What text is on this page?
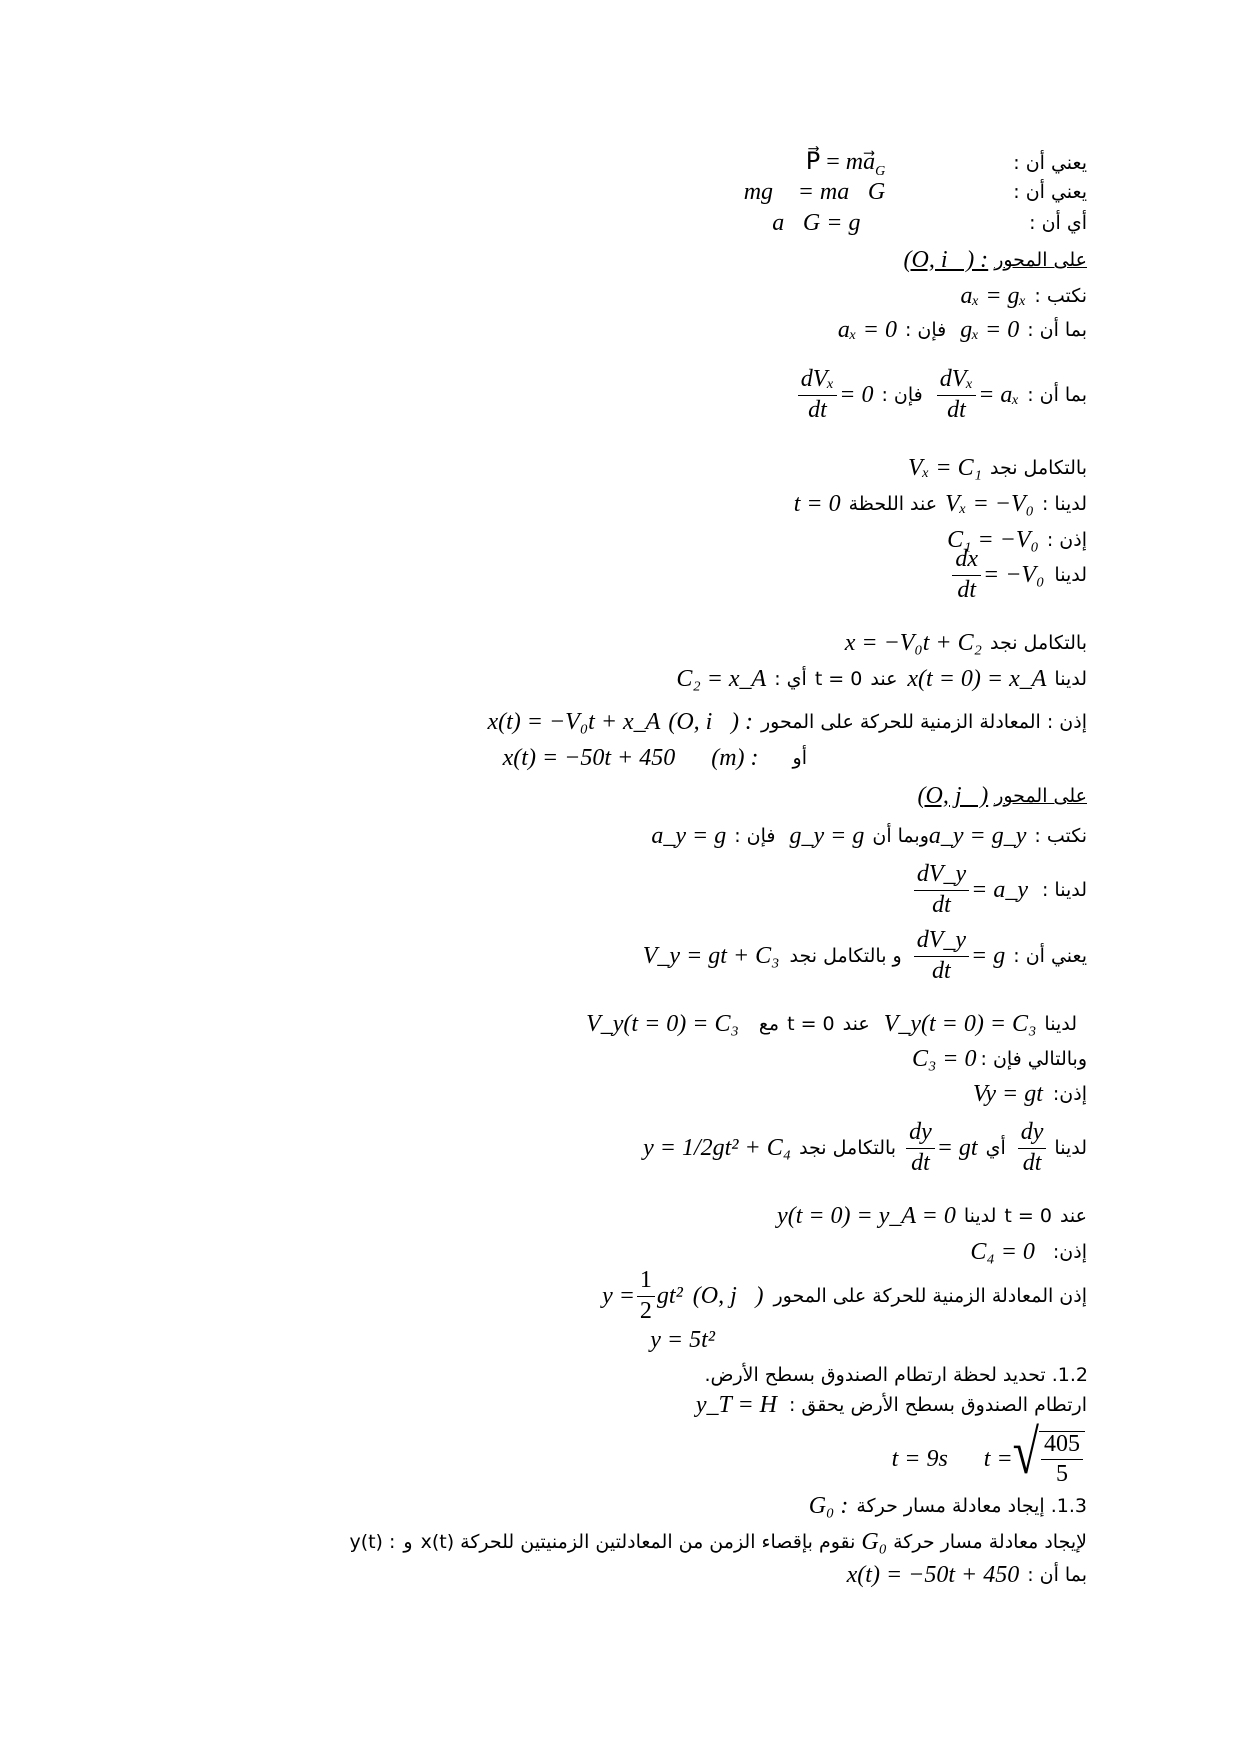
يعني أن :
P⃗ = $ma_G$
يعني أن :
mg⃗ = ma⃗G
أي أن :
a⃗G = g⃗
على المحور
(O, i⃗) :
نكتب :
aₓ = gₓ
بما أن :
gₓ = 0
فإن :
aₓ = 0
بما أن :
= aₓ
$\frac{\text{dVₓ}}{dt}$
فإن :
= 0
$\frac{\text{dVₓ}}{dt}$
بالتكامل نجد
Vₓ = C₁
لدينا :
Vₓ = −V₀
عند اللحظة
t = 0
إذن :
C₁ = −V₀
لدينا
= −V₀
$\frac{dx}{dt}$
بالتكامل نجد
x = −V₀t + C₂
لدينا
x(t = 0) = x_A
عند
t = 0
أي :
C₂ = x_A
إذن : المعادلة الزمنية للحركة على المحور
(O, i⃗) :
x(t) = −V₀t + x_A
أو
(m) :
x(t) = −50t + 450
على المحور
(O, j⃗)
نكتب :
a_y = g_y
وبما أن
g_y = g
فإن :
a_y = g
لدينا :
= a_y
$\frac{dV\_y}{dt}$
يعني أن :
= g
$\frac{dV\_y}{dt}$
و بالتكامل نجد
V_y = gt + C₃
لدينا
V_y(t = 0) = C₃
عند
t = 0
مع
V_y(t = 0) = C₃
وبالتالي فإن :
C₃ = 0
إذن:
Vy = gt
لدينا
$\frac{dy}{dt}$
أي
= gt
$\frac{dy}{dt}$
بالتكامل نجد
y = 1/2gt² + C₄
عند
t = 0
لدينا
y(t = 0) = y_A = 0
إذن:
C₄ = 0
إذن المعادلة الزمنية للحركة على المحور
(O, j⃗)
gt²
$\frac{1}{2}$
y =
y = 5t²
1.2. تحديد لحظة ارتطام الصندوق بسطح الأرض.
ارتطام الصندوق بسطح الأرض يحقق :
y_T = H
√ $\frac{405}{5}$
t =
t = 9s
1.3. إيجاد معادلة مسار حركة
G₀ :
لإيجاد معادلة مسار حركة
G₀
نقوم بإقصاء الزمن من المعادلتين الزمنيتين للحركة
x(t)
و
y(t) :
بما أن :
x(t) = −50t + 450
